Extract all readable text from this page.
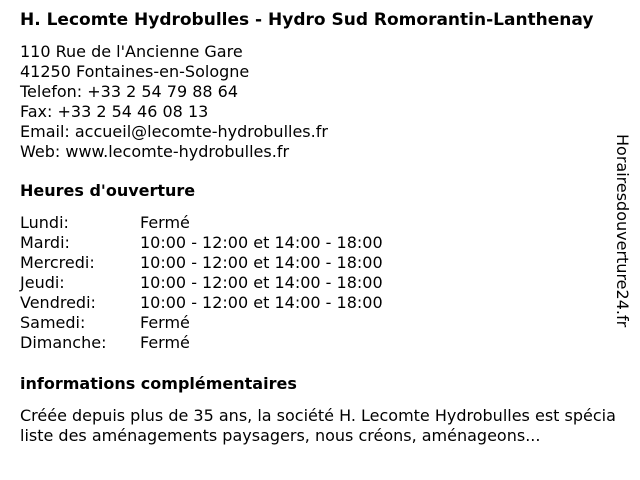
H. Lecomte Hydrobulles - Hydro Sud Romorantin-Lanthenay
110 Rue de l'Ancienne Gare
41250 Fontaines-en-Sologne
Telefon: +33 2 54 79 88 64
Fax: +33 2 54 46 08 13
Email: accueil@lecomte-hydrobulles.fr
Web: www.lecomte-hydrobulles.fr
Heures d'ouverture
Lundi:	Fermé
Mardi:	10:00 - 12:00 et 14:00 - 18:00
Mercredi:	10:00 - 12:00 et 14:00 - 18:00
Jeudi:	10:00 - 12:00 et 14:00 - 18:00
Vendredi:	10:00 - 12:00 et 14:00 - 18:00
Samedi:	Fermé
Dimanche:	Fermé
informations complémentaires
Créée depuis plus de 35 ans, la société H. Lecomte Hydrobulles est spécialiste des aménagements paysagers, nous créons, aménageons...
Horairesdouverture24.fr
